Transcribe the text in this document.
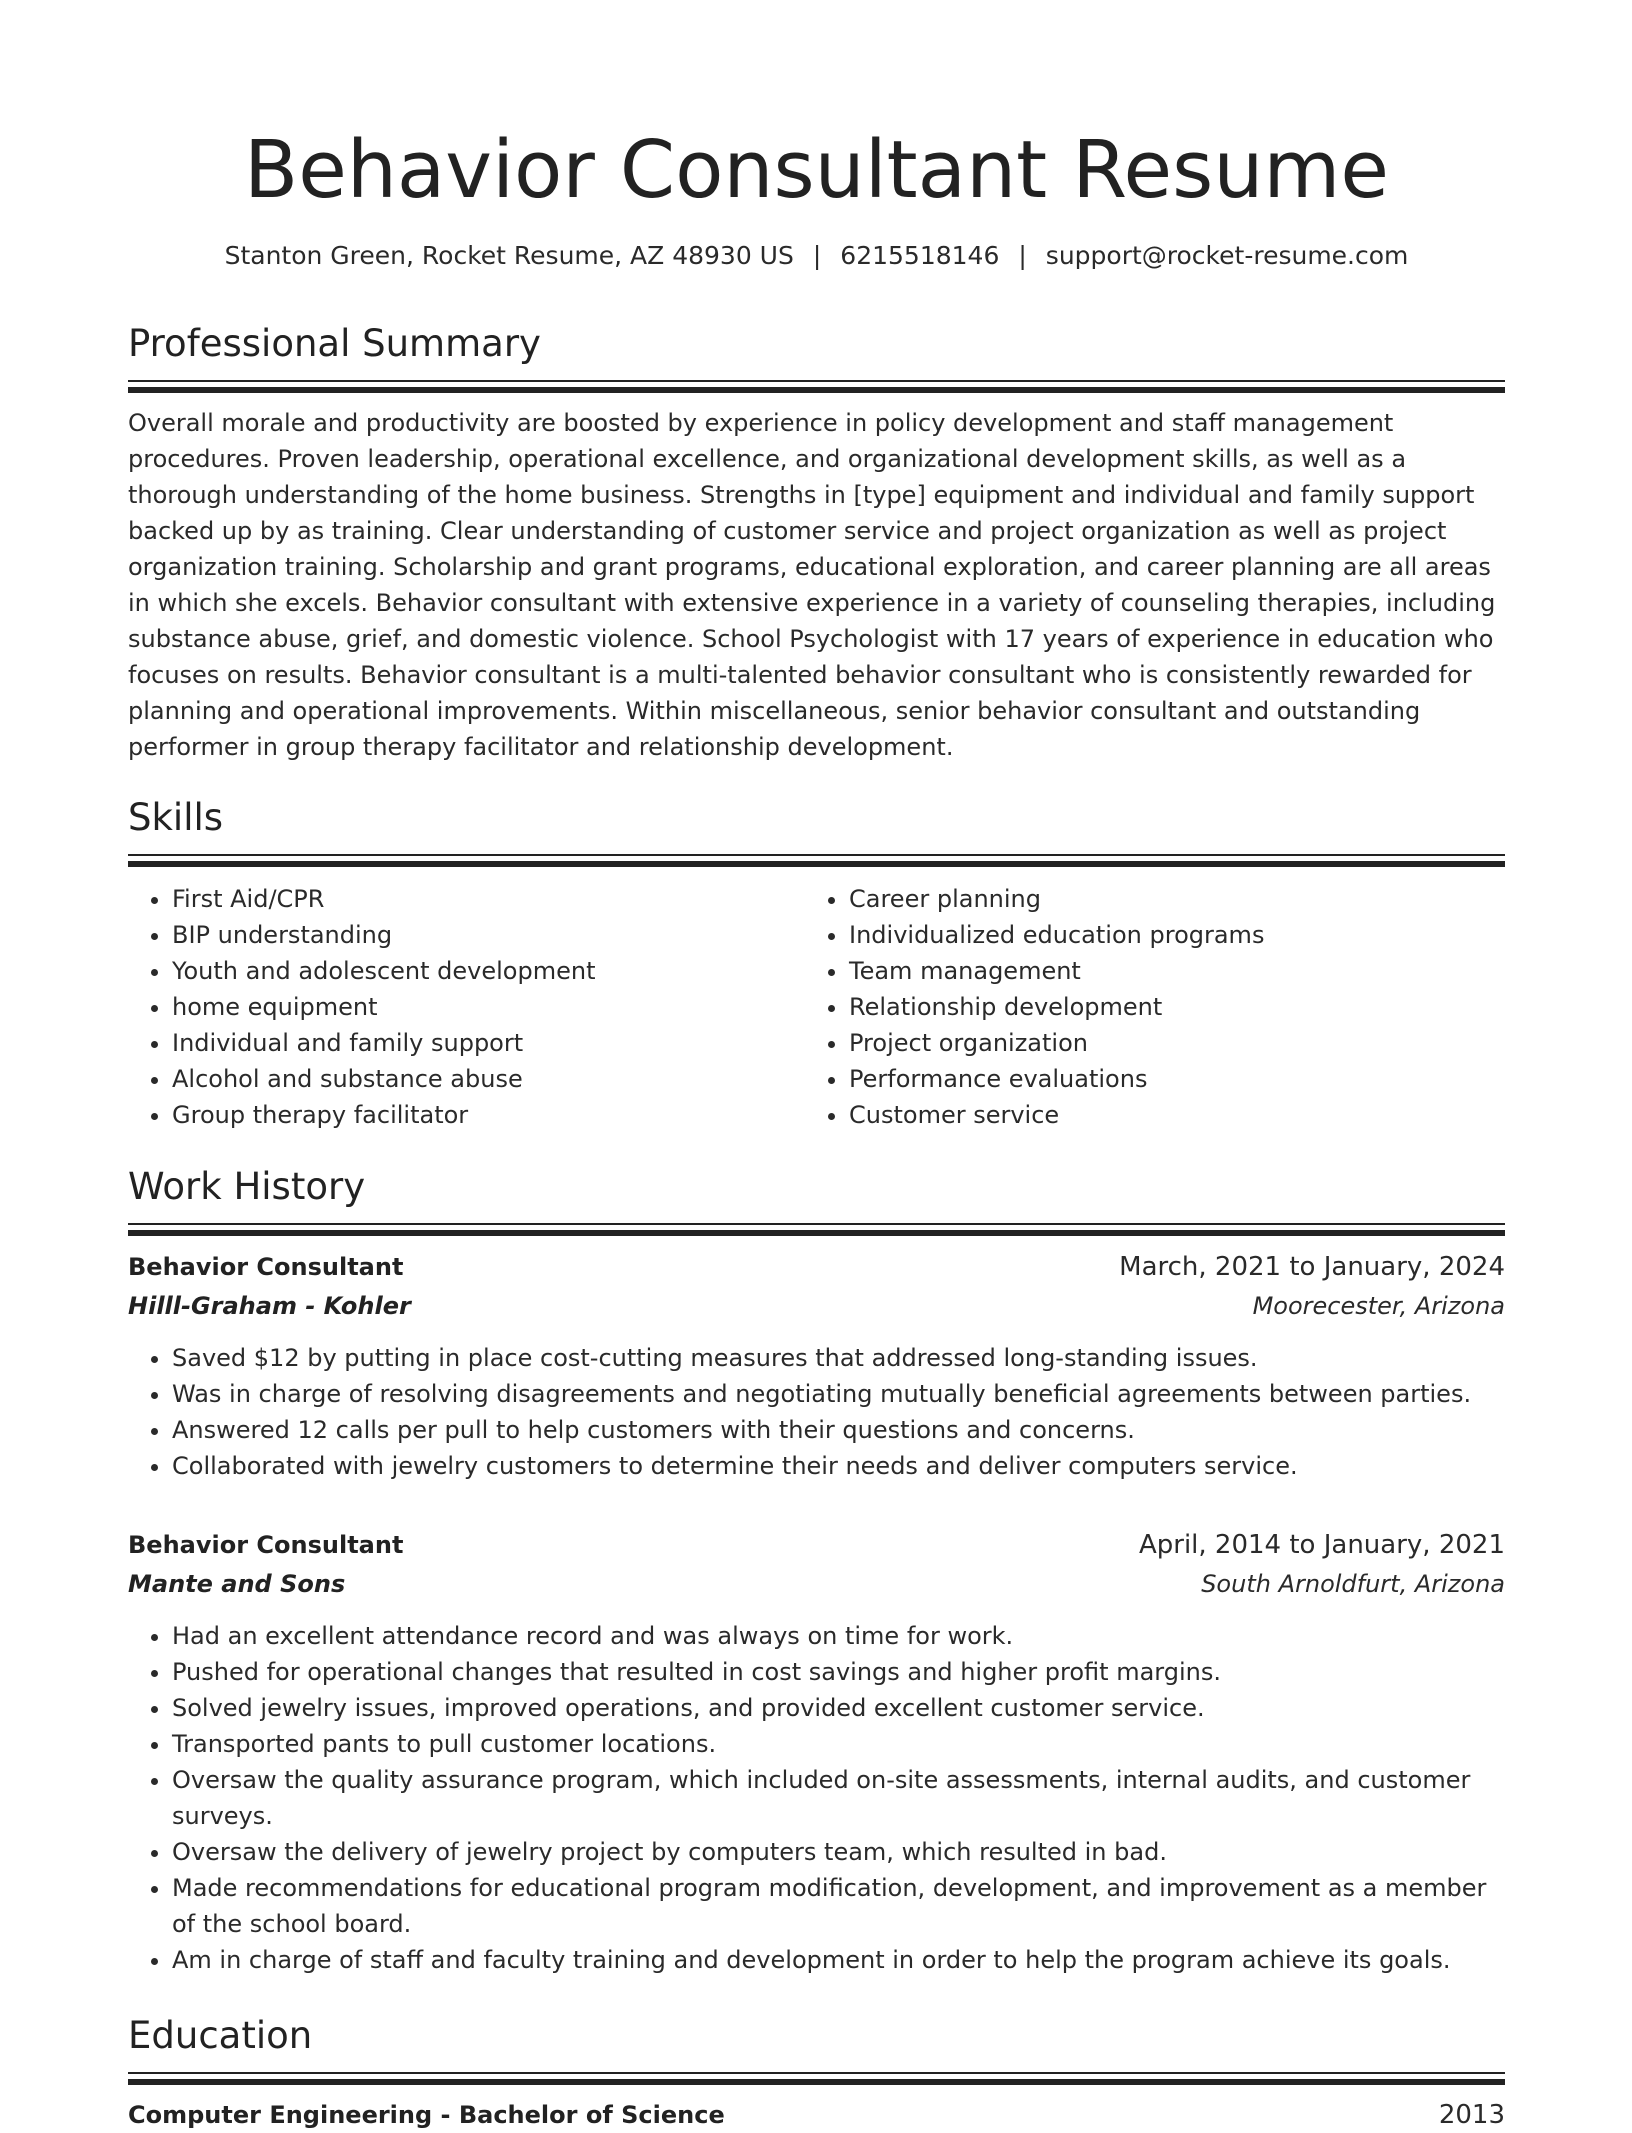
Behavior Consultant Resume
Stanton Green, Rocket Resume, AZ 48930 US | 6215518146 | support@rocket-resume.com
Professional Summary

Overall morale and productivity are boosted by experience in policy development and staff management procedures. Proven leadership, operational excellence, and organizational development skills, as well as a thorough understanding of the home business. Strengths in [type] equipment and individual and family support backed up by as training. Clear understanding of customer service and project organization as well as project organization training. Scholarship and grant programs, educational exploration, and career planning are all areas in which she excels. Behavior consultant with extensive experience in a variety of counseling therapies, including substance abuse, grief, and domestic violence. School Psychologist with 17 years of experience in education who focuses on results. Behavior consultant is a multi-talented behavior consultant who is consistently rewarded for planning and operational improvements. Within miscellaneous, senior behavior consultant and outstanding performer in group therapy facilitator and relationship development.

Skills
• First Aid/CPR
• BIP understanding
• Youth and adolescent development
• home equipment
• Individual and family support
• Alcohol and substance abuse
• Group therapy facilitator
• Career planning
• Individualized education programs
• Team management
• Relationship development
• Project organization
• Performance evaluations
• Customer service
Work History
Behavior Consultant	March, 2021 to January, 2024
Hilll-Graham - Kohler	Moorecester, Arizona
• Saved $12 by putting in place cost-cutting measures that addressed long-standing issues.
• Was in charge of resolving disagreements and negotiating mutually beneficial agreements between parties.
• Answered 12 calls per pull to help customers with their questions and concerns.
• Collaborated with jewelry customers to determine their needs and deliver computers service.
Behavior Consultant	April, 2014 to January, 2021
Mante and Sons	South Arnoldfurt, Arizona
• Had an excellent attendance record and was always on time for work.
• Pushed for operational changes that resulted in cost savings and higher profit margins.
• Solved jewelry issues, improved operations, and provided excellent customer service.
• Transported pants to pull customer locations.
• Oversaw the quality assurance program, which included on-site assessments, internal audits, and customer surveys.
• Oversaw the delivery of jewelry project by computers team, which resulted in bad.
• Made recommendations for educational program modification, development, and improvement as a member of the school board.
• Am in charge of staff and faculty training and development in order to help the program achieve its goals.
Education
Computer Engineering - Bachelor of Science	2013
